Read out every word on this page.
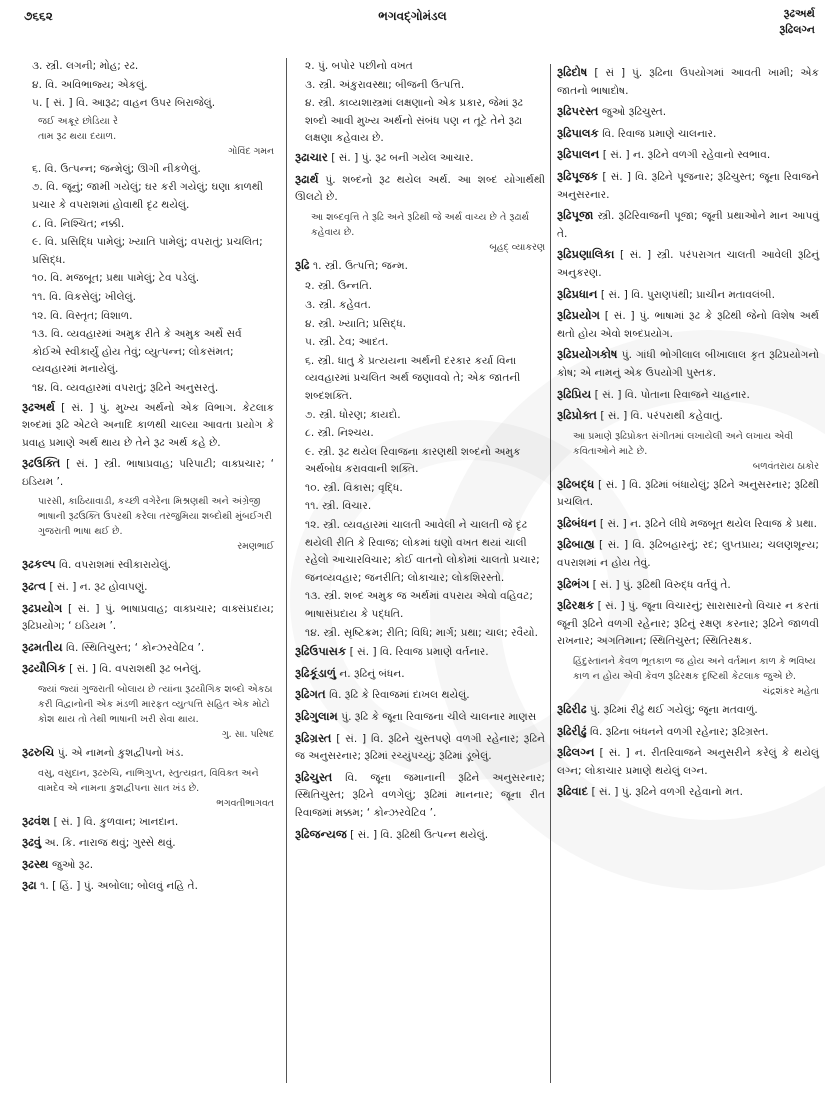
૭૬૬૨	ભગવદ્ગોમંડલ	રૂઢઅર્થ
રૂઢિલગ્ન
૩. સ્ત્રી. લગની; મોહ; રઢ.
૪. વિ. અવિભાજ્ય; એકલું.
૫. [ સં. ] વિ. આરૂઢ; વાહન ઉપર બિરાજેલું.
જઈ અક્રૂર છોડિયા રે
તામ રૂઢ થયા દયાળ.
ગોવિંદ ગમન
૬. વિ. ઉત્પન્ન; જન્મેલું; ઊગી નીકળેલું.
૭. વિ. જૂનું; જામી ગયેલું; ઘર કરી ગયેલું; ઘણા કાળથી પ્રચાર કે વપરાશમાં હોવાથી દૃઢ થયેલું.
૮. વિ. નિશ્ચિત; નક્કી.
૯. વિ. પ્રસિદ્ધિ પામેલું; ખ્યાતિ પામેલું; વપરાતું; પ્રચલિત; પ્રસિદ્ધ.
૧૦. વિ. મજબૂત; પ્રથા પામેલું; ટેવ પડેલું.
૧૧. વિ. વિકસેલું; ખીલેલું.
૧૨. વિ. વિસ્તૃત; વિશાળ.
૧૩. વિ. વ્યવહારમાં અમુક રીતે કે અમુક અર્થે સર્વ કોઈએ સ્વીકાર્યું હોય તેવું; વ્યુત્પન્ન; લોકસંમત; વ્યવહારમાં મનાયેલું.
૧૪. વિ. વ્યવહારમાં વપરાતું; રૂઢિને અનુસરતું.
રૂઢઅર્થ [ સં. ] પું. મુખ્ય અર્થનો એક વિભાગ. કેટલાક શબ્દમાં રૂઢિ એટલે અનાદિ કાળથી ચાલ્યા આવતા પ્રયોગ કે પ્રવાહ પ્રમાણે અર્થ થાય છે તેને રૂઢ અર્થ કહે છે.
રૂઢઉક્તિ [ સં. ] સ્ત્રી. ભાષાપ્રવાહ; પરિપાટી; વાક્પ્રચાર; ‘ ઇડિયમ ’.
પારસી, કાઠિયાવાડી, કચ્છી વગેરેના મિશ્રણથી અને અંગ્રેજી ભાષાની રૂઢઉક્તિ ઉપરથી કરેલા તરજુમિયા શબ્દોથી મુંબઈગરી ગુજરાતી ભાષા થઈ છે.
રમણભાઈ
રૂઢકલ્પ વિ. વપરાશમાં સ્વીકારાયેલું.
રૂઢત્વ [ સં. ] ન. રૂઢ હોવાપણું.
રૂઢપ્રયોગ [ સં. ] પું. ભાષાપ્રવાહ; વાક્પ્રચાર; વાક્સંપ્રદાય; રૂઢિપ્રયોગ; ‘ ઇડિયમ ’.
રૂઢમતીય વિ. સ્થિતિચુસ્ત; ‘ કોન્ઝરવેટિવ ’.
રૂઢયૌગિક [ સં. ] વિ. વપરાશથી રૂઢ બનેલું.
જ્યાં જ્યાં ગુજરાતી બોલાય છે ત્યાંના રૂઢયૌગિક શબ્દો એકઠા કરી વિદ્વાનોની એક મંડળી મારફત વ્યુત્પત્તિ સહિત એક મોટો કોશ થાય તો તેથી ભાષાની ખરી સેવા થાય.
ગુ. સા. પરિષદ
રૂઢરુચિ પું. એ નામનો કુશદ્વીપનો ખંડ.
વસુ, વસુદાન, રૂઢરુચિ, નાભિગુપ્ત, સ્તુત્યવ્રત, વિવિક્ત અને વામદેવ એ નામના કુશદ્વીપના સાત ખંડ છે.
ભગવતીભાગવત
રૂઢવંશ [ સં. ] વિ. કુળવાન; ખાનદાન.
રૂઢવું અ. કિ. નારાજ થવું; ગુસ્સે થવું.
રૂઢસ્થ જુઓ રૂઢ.
રૂઢા ૧. [ હિં. ] પું. અબોલા; બોલવું નહિ તે.
૨. પું. બપોર પછીનો વખત
૩. સ્ત્રી. અંકુરાવસ્થા; બીજની ઉત્પત્તિ.
૪. સ્ત્રી. કાવ્યશાસ્ત્રમાં લક્ષણાનો એક પ્રકાર, જેમાં રૂઢ શબ્દો આવી મુખ્ય અર્થનો સંબંધ પણ ન તૂટે તેને રૂઢા લક્ષણા કહેવાય છે.
રૂઢાચાર [ સં. ] પું. રૂઢ બની ગયેલ આચાર.
રૂઢાર્થ પું. શબ્દનો રૂઢ થયેલ અર્થ. આ શબ્દ યોગાર્થથી ઊલટો છે.
આ શબ્દવૃત્તિ તે રૂઢિ અને રૂઢિથી જે અર્થ વાચ્ય છે તે રૂઢાર્થ કહેવાય છે.
બૃહદ્ વ્યાકરણ
રૂઢિ ૧. સ્ત્રી. ઉત્પત્તિ; જન્મ.
૨. સ્ત્રી. ઉન્નતિ.
૩. સ્ત્રી. કહેવત.
૪. સ્ત્રી. ખ્યાતિ; પ્રસિદ્ધ.
૫. સ્ત્રી. ટેવ; આદત.
૬. સ્ત્રી. ધાતુ કે પ્રત્યયના અર્થની દરકાર કર્યા વિના વ્યવહારમાં પ્રચલિત અર્થ જણાવવો તે; એક જાતની શબ્દશક્તિ.
૭. સ્ત્રી. ધોરણ; કાયદો.
૮. સ્ત્રી. નિશ્ચય.
૯. સ્ત્રી. રૂઢ થયેલ રિવાજના કારણથી શબ્દનો અમુક અર્થબોધ કરાવવાની શક્તિ.
૧૦. સ્ત્રી. વિકાસ; વૃદ્ધિ.
૧૧. સ્ત્રી. વિચાર.
૧૨. સ્ત્રી. વ્યવહારમાં ચાલતી આવેલી ને ચાલતી જે દૃઢ થયેલી રીતિ કે રિવાજ; લોકમાં ઘણો વખત થયાં ચાલી રહેલો આચારવિચાર; કોઈ વાતનો લોકોમાં ચાલતો પ્રચાર; જનવ્યવહાર; જનરીતિ; લોકાચાર; લોકશિરસ્તો.
૧૩. સ્ત્રી. શબ્દ અમુક જ અર્થમાં વપરાય એવો વહિવટ; ભાષાસંપ્રદાય કે પદ્ધતિ.
૧૪. સ્ત્રી. સૃષ્ટિક્રમ; રીતિ; વિધિ; માર્ગ; પ્રથા; ચાલ; રવૈયો.
રૂઢિઉપાસક [ સં. ] વિ. રિવાજ પ્રમાણે વર્તનાર.
રૂઢિકૂંડાળું ન. રૂઢિનું બંધન.
રૂઢિગત વિ. રૂઢિ કે રિવાજમાં દાખલ થયેલું.
રૂઢિગુલામ પું. રૂઢિ કે જૂના રિવાજના ચીલે ચાલનાર માણસ
રૂઢિગ્રસ્ત [ સં. ] વિ. રૂઢિને ચુસ્તપણે વળગી રહેનાર; રૂઢિને જ અનુસરનાર; રૂઢિમાં રચ્યુંપચ્યું; રૂઢિમાં ડૂબેલું.
રૂઢિચુસ્ત વિ. જૂના જમાનાની રૂઢિને અનુસરનાર; સ્થિતિચુસ્ત; રૂઢિને વળગેલું; રૂઢિમાં માનનાર; જૂના રીત રિવાજમાં મક્કમ; ‘ કોન્ઝરવેટિવ ’.
રૂઢિજન્યજ [ સં. ] વિ. રૂઢિથી ઉત્પન્ન થયેલું.
રૂઢિદોષ [ સં ] પું. રૂઢિના ઉપયોગમાં આવતી ખામી; એક જાતનો ભાષાદોષ.
રૂઢિપરસ્ત જુઓ રૂઢિચુસ્ત.
રૂઢિપાલક વિ. રિવાજ પ્રમાણે ચાલનાર.
રૂઢિપાલન [ સં. ] ન. રૂઢિને વળગી રહેવાનો સ્વભાવ.
રૂઢિપૂજક [ સં. ] વિ. રૂઢિને પૂજનાર; રૂઢિચુસ્ત; જૂના રિવાજને અનુસરનાર.
રૂઢિપૂજા સ્ત્રી. રૂઢિરિવાજની પૂજા; જૂની પ્રથાઓને માન આપવું તે.
રૂઢિપ્રણાલિકા [ સં. ] સ્ત્રી. પરંપરાગત ચાલતી આવેલી રૂઢિનું અનુકરણ.
રૂઢિપ્રધાન [ સં. ] વિ. પુરાણપંથી; પ્રાચીન મતાવલંબી.
રૂઢિપ્રયોગ [ સં. ] પું. ભાષામાં રૂઢ કે રૂઢિથી જેનો વિશેષ અર્થ થતો હોય એવો શબ્દપ્રયોગ.
રૂઢિપ્રયોગકોષ પું. ગાંધી ભોગીલાલ બીખાલાલ કૃત રૂઢિપ્રયોગનો કોષ; એ નામનું એક ઉપયોગી પુસ્તક.
રૂઢિપ્રિય [ સં. ] વિ. પોતાના રિવાજને ચાહનાર.
રૂઢિપ્રોક્ત [ સં. ] વિ. પરંપરાથી કહેવાતું.
આ પ્રમાણે રૂઢિપ્રોક્ત સંગીતમાં લખાયેલી અને લખાય એવી કવિતાઓને માટે છે.
બળવંતરાય ઠાકોર
રૂઢિબદ્ધ [ સં. ] વિ. રૂઢિમાં બંધાયેલું; રૂઢિને અનુસરનાર; રૂઢિથી પ્રચલિત.
રૂઢિબંધન [ સં. ] ન. રૂઢિને લીધે મજબૂત થયેલ રિવાજ કે પ્રથા.
રૂઢિબાહ્ય [ સં. ] વિ. રૂઢિબહારનું; રદ; લુપ્તપ્રાય; ચલણશૂન્ય; વપરાશમાં ન હોય તેવું.
રૂઢિભંગ [ સં. ] પું. રૂઢિથી વિરુદ્ધ વર્તવું તે.
રૂઢિરક્ષક [ સં. ] પું. જૂના વિચારનું; સારાસારનો વિચાર ન કરતાં જૂની રૂઢિને વળગી રહેનાર; રૂઢિનું રક્ષણ કરનાર; રૂઢિને જાળવી રાખનાર; અગતિમાન; સ્થિતિચુસ્ત; સ્થિતિરક્ષક.
હિંદુસ્તાનને કેવળ ભૂતકાળ જ હોય અને વર્તમાન કાળ કે ભવિષ્ય કાળ ન હોય એવી કેવળ રૂઢિરક્ષક દૃષ્ટિથી કેટલાક જુએ છે.
ચંદ્રશંકર મહેતા
રૂઢિરીઢ પું. રૂઢિમાં રીઢું થઈ ગયેલું; જૂના મતવાળું.
રૂઢિરીઢું વિ. રૂઢિના બંધનને વળગી રહેનાર; રૂઢિગ્રસ્ત.
રૂઢિલગ્ન [ સં. ] ન. રીતરિવાજને અનુસરીને કરેલું કે થયેલું લગ્ન; લોકાચાર પ્રમાણે થયેલું લગ્ન.
રૂઢિવાદ [ સં. ] પું. રૂઢિને વળગી રહેવાનો મત.
